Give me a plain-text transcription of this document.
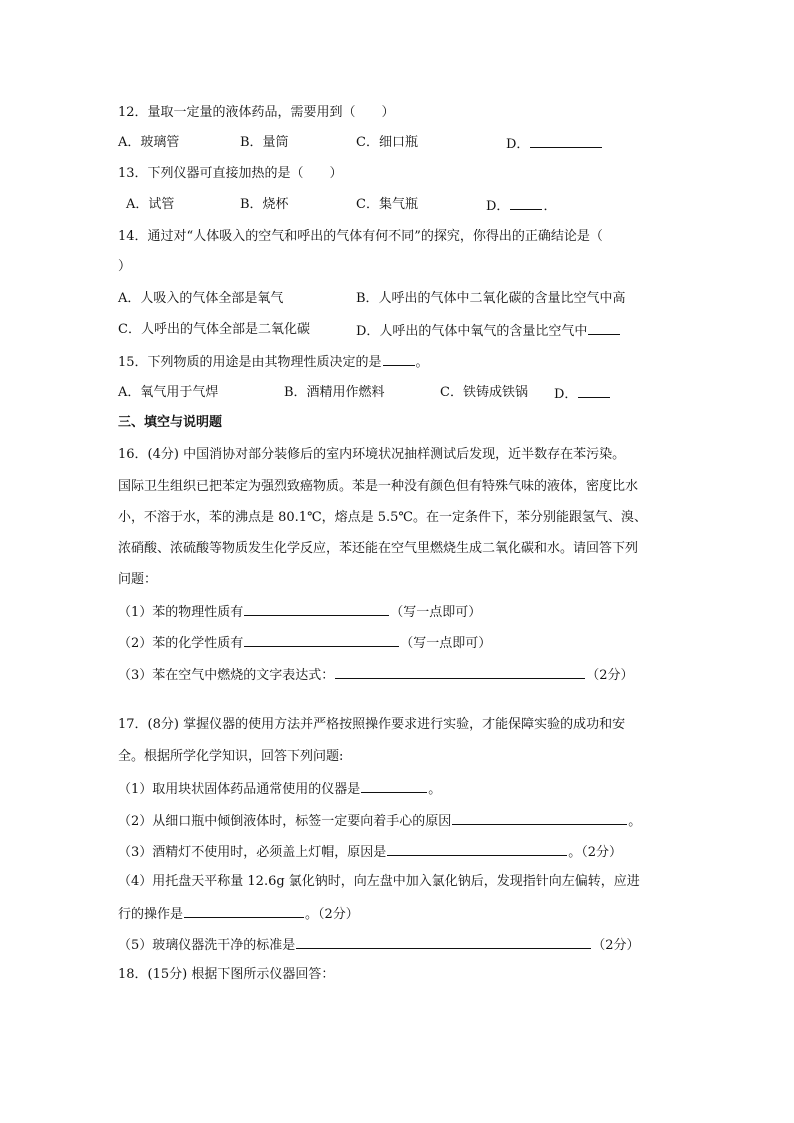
12．量取一定量的液体药品，需要用到（　　）
A．玻璃管	B．量筒	C．细口瓶	D．
13．下列仪器可直接加热的是（　　）
A．试管	B．烧杯	C．集气瓶	D．	．
14．通过对“人体吸入的空气和呼出的气体有何不同”的探究，你得出的正确结论是（
）
A．人吸入的气体全部是氧气	B．人呼出的气体中二氧化碳的含量比空气中高
C．人呼出的气体全部是二氧化碳	D．人呼出的气体中氧气的含量比空气中
15．下列物质的用途是由其物理性质决定的是	。
A．氧气用于气焊	B．酒精用作燃料	C．铁铸成铁锅 D．
三、填空与说明题
16．(4分) 中国消协对部分装修后的室内环境状况抽样测试后发现，近半数存在苯污染。
国际卫生组织已把苯定为强烈致癌物质。苯是一种没有颜色但有特殊气味的液体，密度比水
小，不溶于水，苯的沸点是 80.1℃，熔点是 5.5℃。在一定条件下，苯分别能跟氢气、溴、
浓硝酸、浓硫酸等物质发生化学反应，苯还能在空气里燃烧生成二氧化碳和水。请回答下列
问题：
（1）苯的物理性质有	（写一点即可）
（2）苯的化学性质有	（写一点即可）
（3）苯在空气中燃烧的文字表达式：	（2分）
17．(8分) 掌握仪器的使用方法并严格按照操作要求进行实验，才能保障实验的成功和安
全。根据所学化学知识，回答下列问题:
（1）取用块状固体药品通常使用的仪器是	。
（2）从细口瓶中倾倒液体时，标签一定要向着手心的原因	。
（3）酒精灯不使用时，必须盖上灯帽，原因是	。（2分）
（4）用托盘天平称量 12.6g 氯化钠时，向左盘中加入氯化钠后，发现指针向左偏转，应进
行的操作是	。（2分）
（5）玻璃仪器洗干净的标准是	（2分）
18．(15分) 根据下图所示仪器回答：
